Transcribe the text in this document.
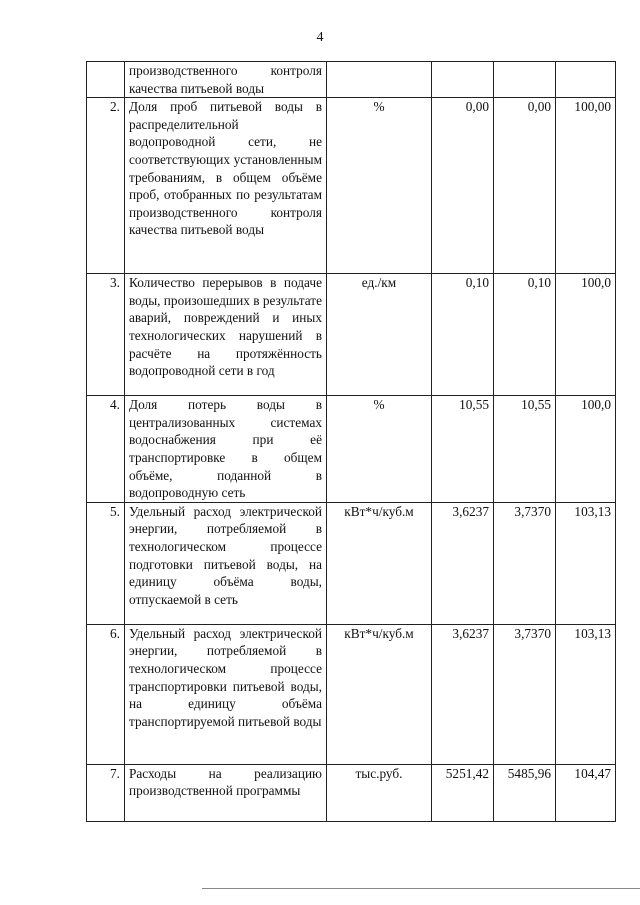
4
	производственного контроля качества питьевой воды				
2.	Доля проб питьевой воды в распределительной водопроводной сети, не соответствующих установленным требованиям, в общем объёме проб, отобранных по результатам производственного контроля качества питьевой воды	%	0,00	0,00	100,00
3.	Количество перерывов в подаче воды, произошедших в результате аварий, повреждений и иных технологических нарушений в расчёте на протяжённость водопроводной сети в год	ед./км	0,10	0,10	100,0
4.	Доля потерь воды в централизованных системах водоснабжения при её транспортировке в общем объёме, поданной в водопроводную сеть	%	10,55	10,55	100,0
5.	Удельный расход электрической энергии, потребляемой в технологическом процессе подготовки питьевой воды, на единицу объёма воды, отпускаемой в сеть	кВт*ч/куб.м	3,6237	3,7370	103,13
6.	Удельный расход электрической энергии, потребляемой в технологическом процессе транспортировки питьевой воды, на единицу объёма транспортируемой питьевой воды	кВт*ч/куб.м	3,6237	3,7370	103,13
7.	Расходы на реализацию производственной программы	тыс.руб.	5251,42	5485,96	104,47
